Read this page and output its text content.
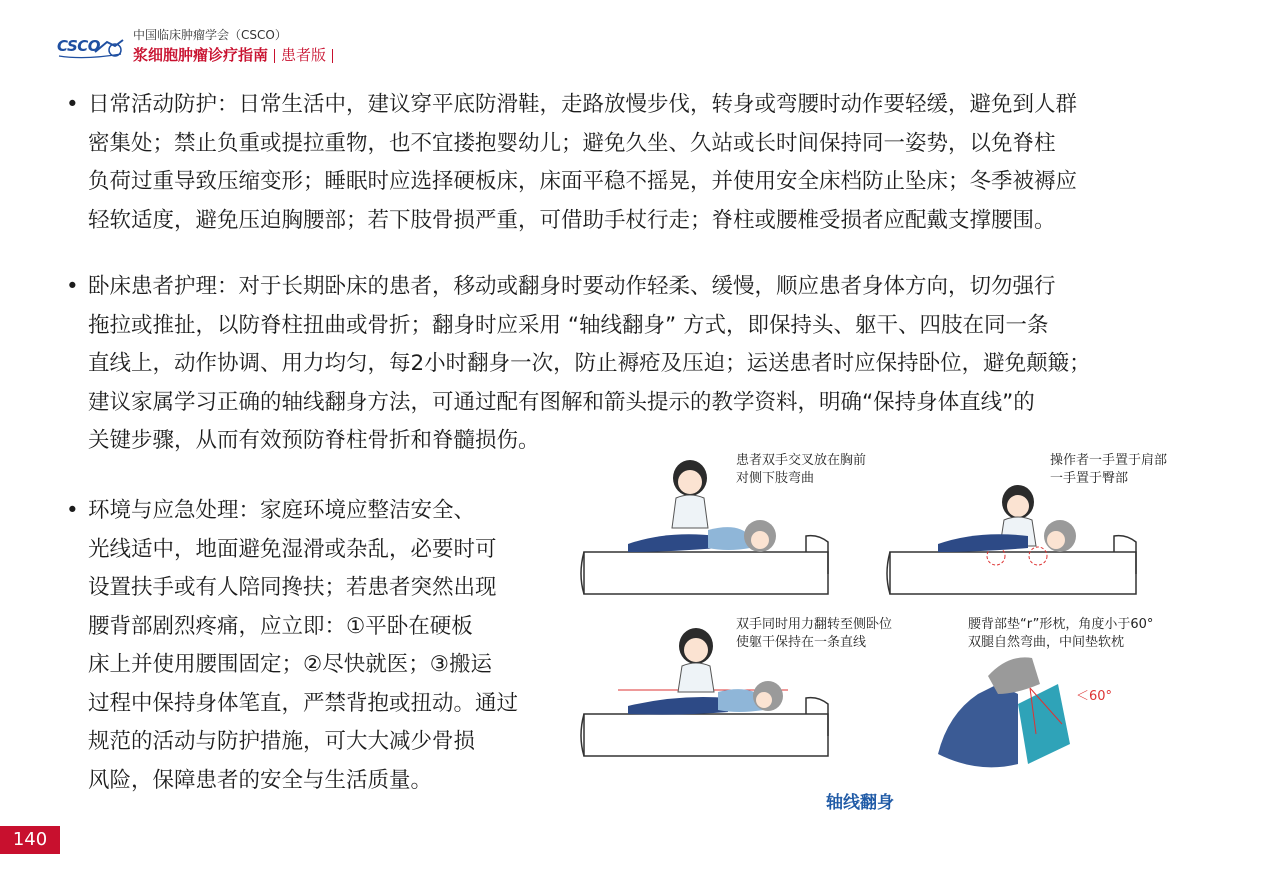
CSCO
中国临床肿瘤学会（CSCO）
浆细胞肿瘤诊疗指南 患者版
• 日常活动防护：日常生活中，建议穿平底防滑鞋，走路放慢步伐，转身或弯腰时动作要轻缓，避免到人群
密集处；禁止负重或提拉重物，也不宜搂抱婴幼儿；避免久坐、久站或长时间保持同一姿势，以免脊柱
负荷过重导致压缩变形；睡眠时应选择硬板床，床面平稳不摇晃，并使用安全床档防止坠床；冬季被褥应
轻软适度，避免压迫胸腰部；若下肢骨损严重，可借助手杖行走；脊柱或腰椎受损者应配戴支撑腰围。
• 卧床患者护理：对于长期卧床的患者，移动或翻身时要动作轻柔、缓慢，顺应患者身体方向，切勿强行
拖拉或推扯，以防脊柱扭曲或骨折；翻身时应采用 “轴线翻身” 方式，即保持头、躯干、四肢在同一条
直线上，动作协调、用力均匀，每2小时翻身一次，防止褥疮及压迫；运送患者时应保持卧位，避免颠簸；
建议家属学习正确的轴线翻身方法，可通过配有图解和箭头提示的教学资料，明确“保持身体直线”的
关键步骤，从而有效预防脊柱骨折和脊髓损伤。
• 环境与应急处理：家庭环境应整洁安全、
光线适中，地面避免湿滑或杂乱，必要时可
设置扶手或有人陪同搀扶；若患者突然出现
腰背部剧烈疼痛，应立即：①平卧在硬板
床上并使用腰围固定；②尽快就医；③搬运
过程中保持身体笔直，严禁背抱或扭动。通过
规范的活动与防护措施，可大大减少骨损
风险，保障患者的安全与生活质量。
患者双手交叉放在胸前
对侧下肢弯曲
操作者一手置于肩部
一手置于臀部
双手同时用力翻转至侧卧位
使躯干保持在一条直线
腰背部垫“r”形枕，角度小于60°
双腿自然弯曲，中间垫软枕
＜60°
轴线翻身
140
